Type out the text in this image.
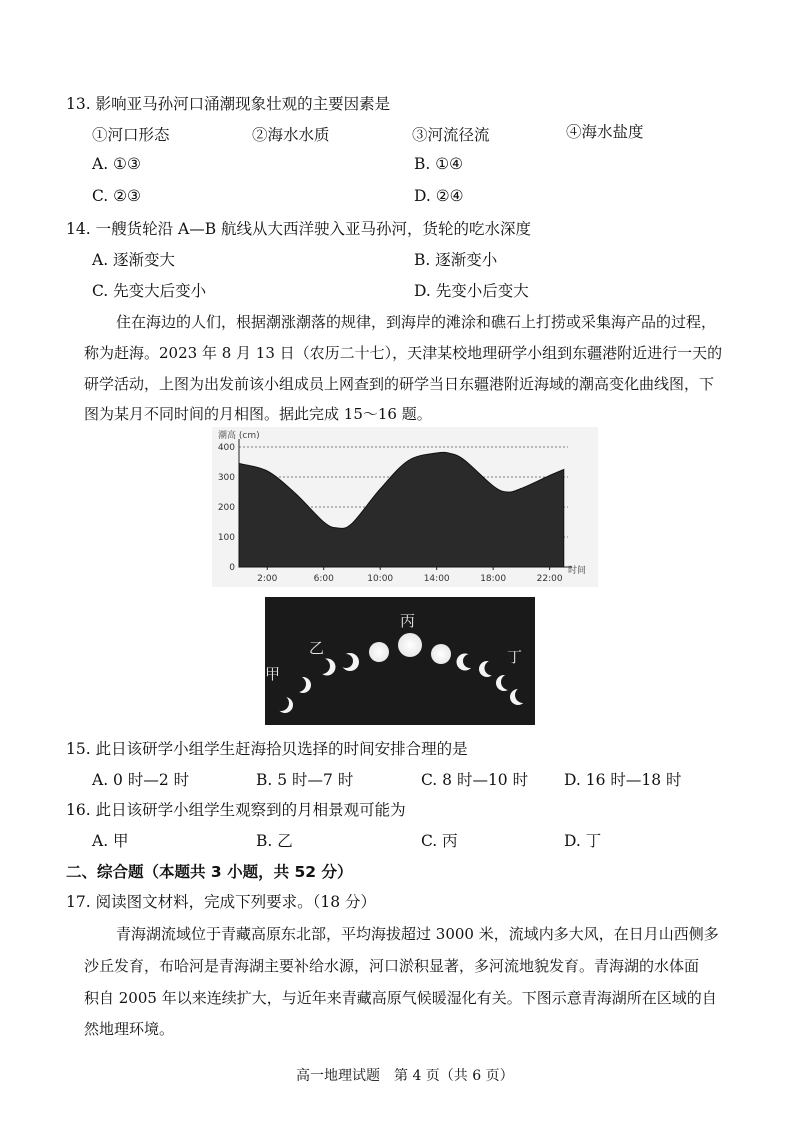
13. 影响亚马孙河口涌潮现象壮观的主要因素是
①河口形态	②海水水质	③河流径流	④海水盐度
A. ①③	B. ①④
C. ②③	D. ②④
14. 一艘货轮沿 A—B 航线从大西洋驶入亚马孙河，货轮的吃水深度
A. 逐渐变大	B. 逐渐变小
C. 先变大后变小	D. 先变小后变大
住在海边的人们，根据潮涨潮落的规律，到海岸的滩涂和礁石上打捞或采集海产品的过程，
称为赶海。2023 年 8 月 13 日（农历二十七），天津某校地理研学小组到东疆港附近进行一天的
研学活动，上图为出发前该小组成员上网查到的研学当日东疆港附近海域的潮高变化曲线图，下
图为某月不同时间的月相图。据此完成 15～16 题。
潮高 (cm)
时间
0
100
200
300
400
2:00	6:00	10:00	14:00	18:00	22:00
甲
乙
丙
丁
15. 此日该研学小组学生赶海拾贝选择的时间安排合理的是
A. 0 时—2 时	B. 5 时—7 时	C. 8 时—10 时 D. 16 时—18 时
16. 此日该研学小组学生观察到的月相景观可能为
A. 甲	B. 乙	C. 丙	D. 丁
二、综合题（本题共 3 小题，共 52 分）
17. 阅读图文材料，完成下列要求。（18 分）
青海湖流域位于青藏高原东北部，平均海拔超过 3000 米，流域内多大风，在日月山西侧多
沙丘发育，布哈河是青海湖主要补给水源，河口淤积显著，多河流地貌发育。青海湖的水体面
积自 2005 年以来连续扩大，与近年来青藏高原气候暖湿化有关。下图示意青海湖所在区域的自
然地理环境。
高一地理试题　第 4 页（共 6 页）
